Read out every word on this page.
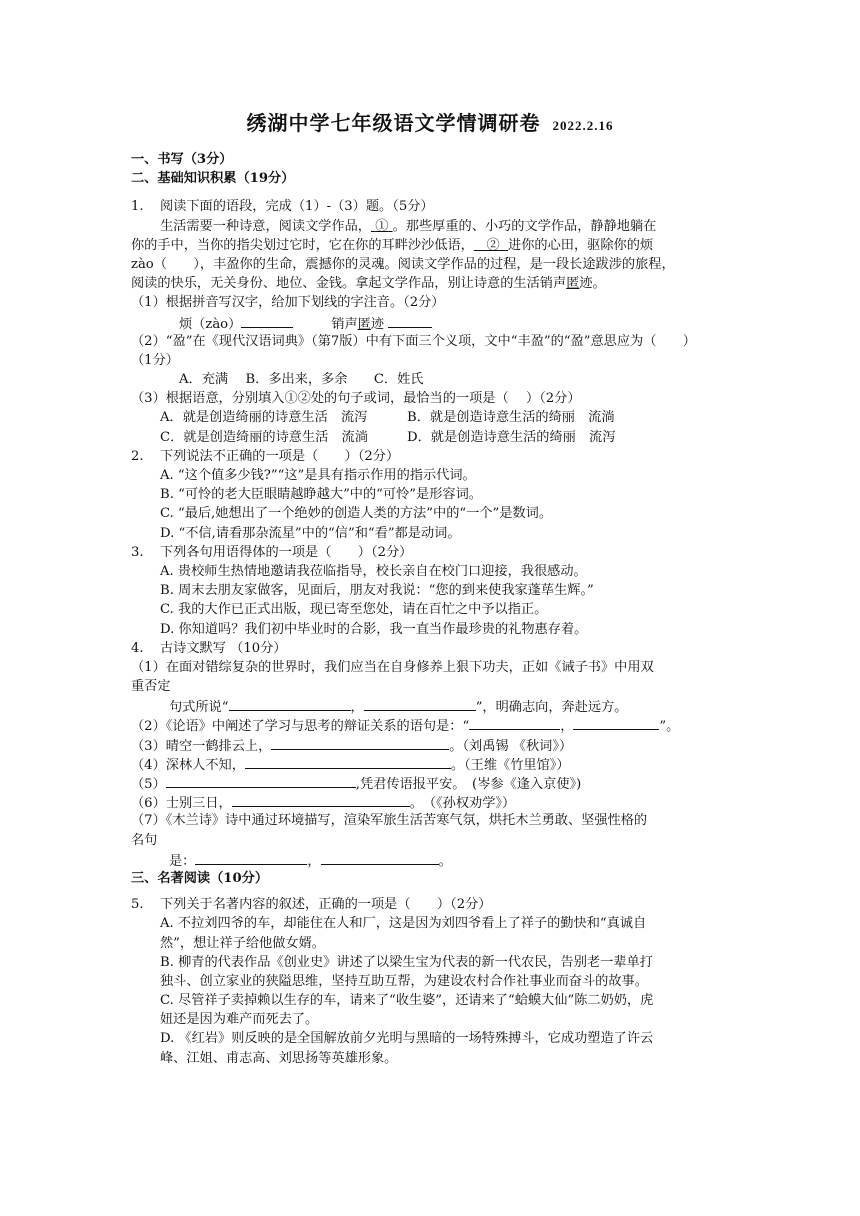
绣湖中学七年级语文学情调研卷 2022.2.16
一、书写（3分）
二、基础知识积累（19分）
1. 阅读下面的语段，完成（1）-（3）题。（5分）
生活需要一种诗意，阅读文学作品， ① 。那些厚重的、小巧的文学作品，静静地躺在
你的手中，当你的指尖划过它时，它在你的耳畔沙沙低语， ② 进你的心田，驱除你的烦
zào（　　），丰盈你的生命，震撼你的灵魂。阅读文学作品的过程，是一段长途跋涉的旅程，
阅读的快乐，无关身份、地位、金钱。拿起文学作品，别让诗意的生活销声匿迹。
（1）根据拼音写汉字，给加下划线的字注音。（2分）
烦（zào）	销声匿迹
（2）“盈”在《现代汉语词典》（第7版）中有下面三个义项，文中“丰盈”的“盈”意思应为（　　）
（1分）
A．充满　 B．多出来，多余　　C．姓氏
（3）根据语意，分别填入①②处的句子或词，最恰当的一项是（　 ）（2分）
A．就是创造绮丽的诗意生活　流泻	B．就是创造诗意生活的绮丽　流淌
C．就是创造绮丽的诗意生活　流淌	D．就是创造诗意生活的绮丽　流泻
2. 下列说法不正确的一项是（　　）（2分）
A. “这个值多少钱?”“这”是具有指示作用的指示代词。
B. “可怜的老大臣眼睛越睁越大”中的“可怜”是形容词。
C. “最后,她想出了一个绝妙的创造人类的方法”中的“一个”是数词。
D. “不信,请看那杂流星”中的“信”和“看”都是动词。
3. 下列各句用语得体的一项是（　　）（2分）
A. 贵校师生热情地邀请我莅临指导，校长亲自在校门口迎接，我很感动。
B. 周末去朋友家做客，见面后，朋友对我说：“您的到来使我家蓬荜生辉。”
C. 我的大作已正式出版，现已寄至您处，请在百忙之中予以指正。
D. 你知道吗？我们初中毕业时的合影，我一直当作最珍贵的礼物惠存着。
4. 古诗文默写 （10分）
（1）在面对错综复杂的世界时，我们应当在自身修养上狠下功夫，正如《诫子书》中用双
重否定
句式所说“	，	”，明确志向，奔赴远方。
（2）《论语》中阐述了学习与思考的辩证关系的语句是：“	，	”。
（3）晴空一鹤排云上，	。（刘禹锡 《秋词》）
（4）深林人不知，	。（王维《竹里馆》）
（5）	,凭君传语报平安。　(岑参《逢入京使》)
（6）士别三日，	。　（《孙权劝学》）
（7）《木兰诗》诗中通过环境描写，渲染军旅生活苦寒气氛，烘托木兰勇敢、坚强性格的
名句
是：	，	。
三、名著阅读（10分）
5. 下列关于名著内容的叙述，正确的一项是（　　）（2分）
A. 不拉刘四爷的车，却能住在人和厂，这是因为刘四爷看上了祥子的勤快和“真诚自
然”，想让祥子给他做女婿。
B. 柳青的代表作品《创业史》讲述了以梁生宝为代表的新一代农民，告别老一辈单打
独斗、创立家业的狭隘思维，坚持互助互帮，为建设农村合作社事业而奋斗的故事。
C. 尽管祥子卖掉赖以生存的车，请来了“收生婆”，还请来了“蛤蟆大仙”陈二奶奶，虎
妞还是因为难产而死去了。
D. 《红岩》则反映的是全国解放前夕光明与黑暗的一场特殊搏斗，它成功塑造了许云
峰、江姐、甫志高、刘思扬等英雄形象。
